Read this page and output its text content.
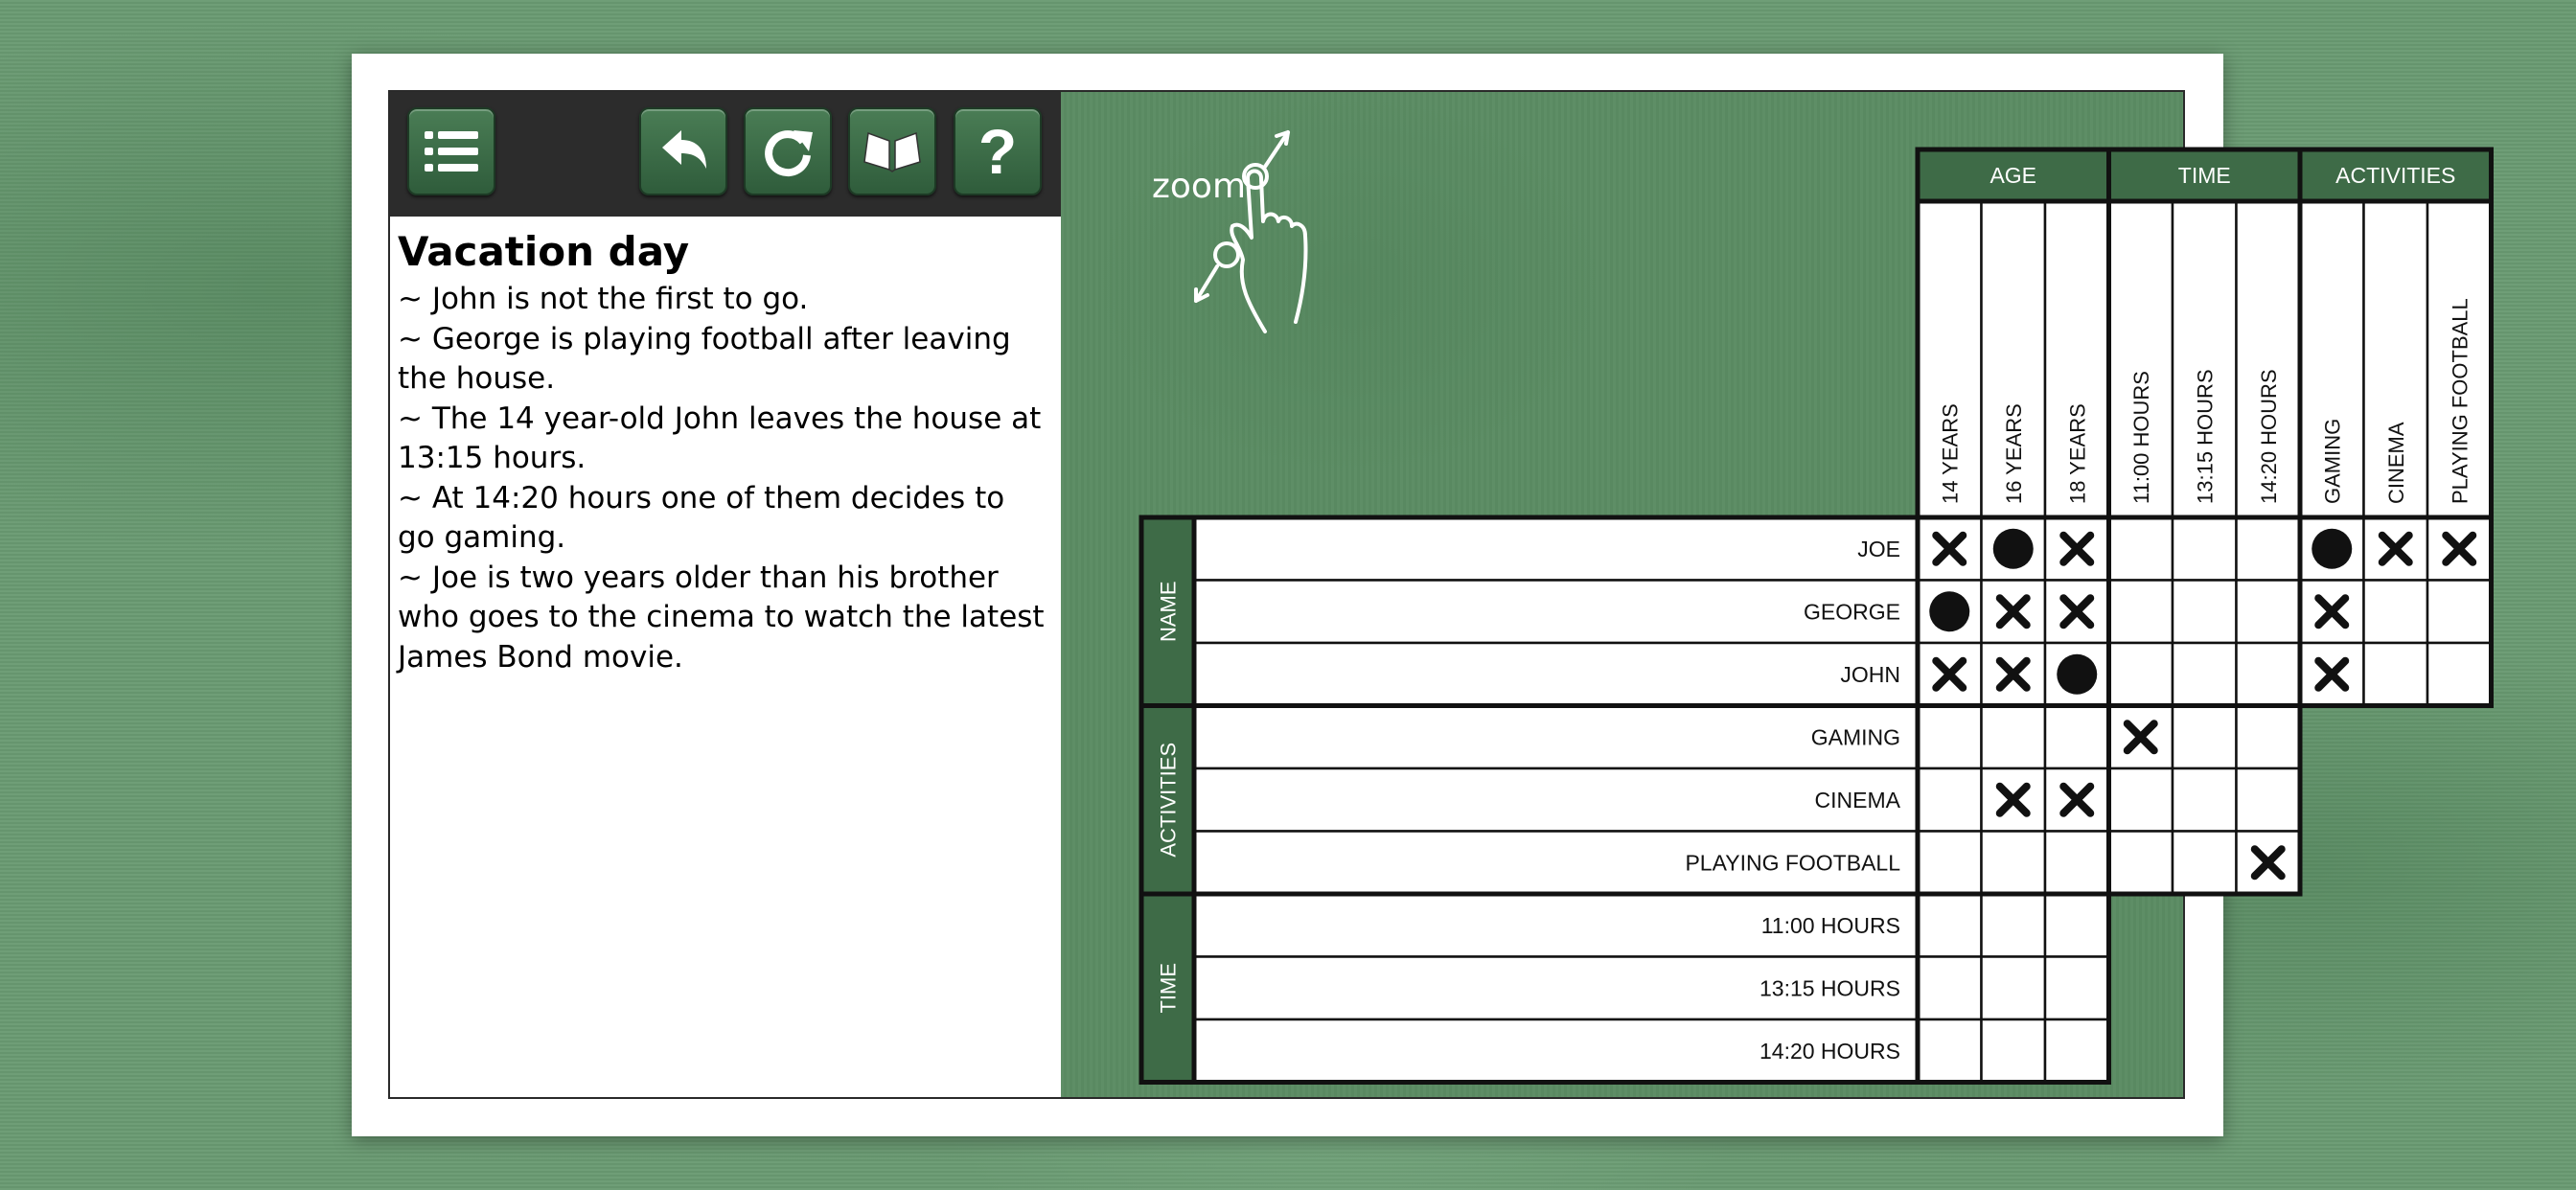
?
Vacation day
~ John is not the first to go.
~ George is playing football after leaving the house.
~ The 14 year-old John leaves the house at 13:15 hours.
~ At 14:20 hours one of them decides to go gaming.
~ Joe is two years older than his brother who goes to the cinema to watch the latest James Bond movie.
zoom	AGE
14 YEARS 16 YEARS 18 YEARS
TIME
11:00 HOURS 13:15 HOURS 14:20 HOURS
ACTIVITIES
GAMING CINEMA PLAYING FOOTBALL
NAME
JOE
GEORGE
JOHN
ACTIVITIES
GAMING
CINEMA
PLAYING FOOTBALL
TIME
11:00 HOURS
13:15 HOURS
14:20 HOURS
